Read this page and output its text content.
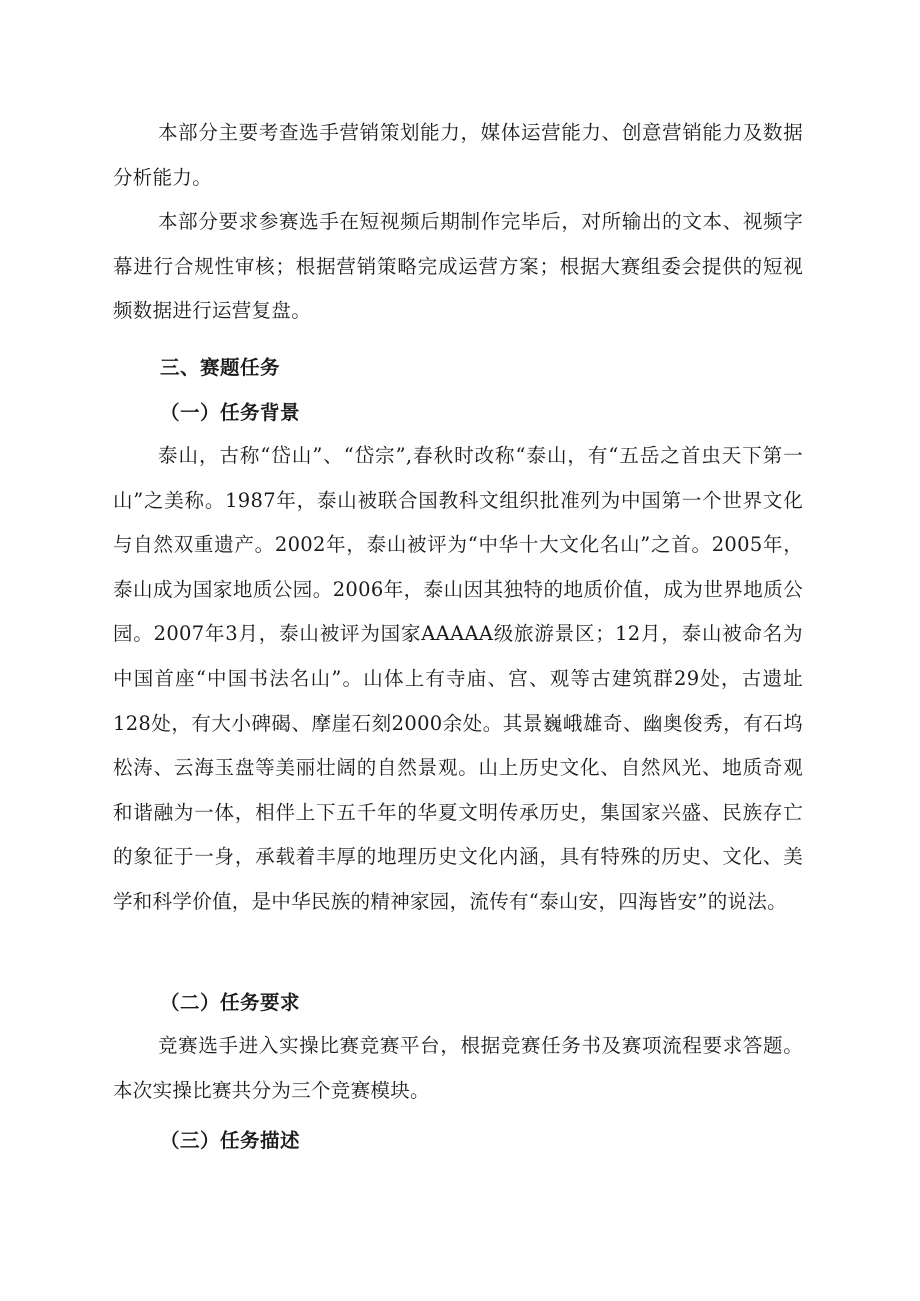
本部分主要考查选手营销策划能力，媒体运营能力、创意营销能力及数据分析能力。

本部分要求参赛选手在短视频后期制作完毕后，对所输出的文本、视频字幕进行合规性审核；根据营销策略完成运营方案；根据大赛组委会提供的短视频数据进行运营复盘。

三、赛题任务
（一）任务背景

泰山，古称“岱山”、“岱宗”,春秋时改称“泰山，有“五岳之首虫天下第一山”之美称。1987年，泰山被联合国教科文组织批准列为中国第一个世界文化与自然双重遗产。2002年，泰山被评为“中华十大文化名山”之首。2005年，泰山成为国家地质公园。2006年，泰山因其独特的地质价值，成为世界地质公园。2007年3月，泰山被评为国家AAAAA级旅游景区；12月，泰山被命名为中国首座“中国书法名山”。山体上有寺庙、宫、观等古建筑群29处，古遗址128处，有大小碑碣、摩崖石刻2000余处。其景巍峨雄奇、幽奥俊秀，有石坞松涛、云海玉盘等美丽壮阔的自然景观。山上历史文化、自然风光、地质奇观和谐融为一体，相伴上下五千年的华夏文明传承历史，集国家兴盛、民族存亡的象征于一身，承载着丰厚的地理历史文化内涵，具有特殊的历史、文化、美学和科学价值，是中华民族的精神家园，流传有“泰山安，四海皆安”的说法。

（二）任务要求

竞赛选手进入实操比赛竞赛平台，根据竞赛任务书及赛项流程要求答题。本次实操比赛共分为三个竞赛模块。

（三）任务描述
